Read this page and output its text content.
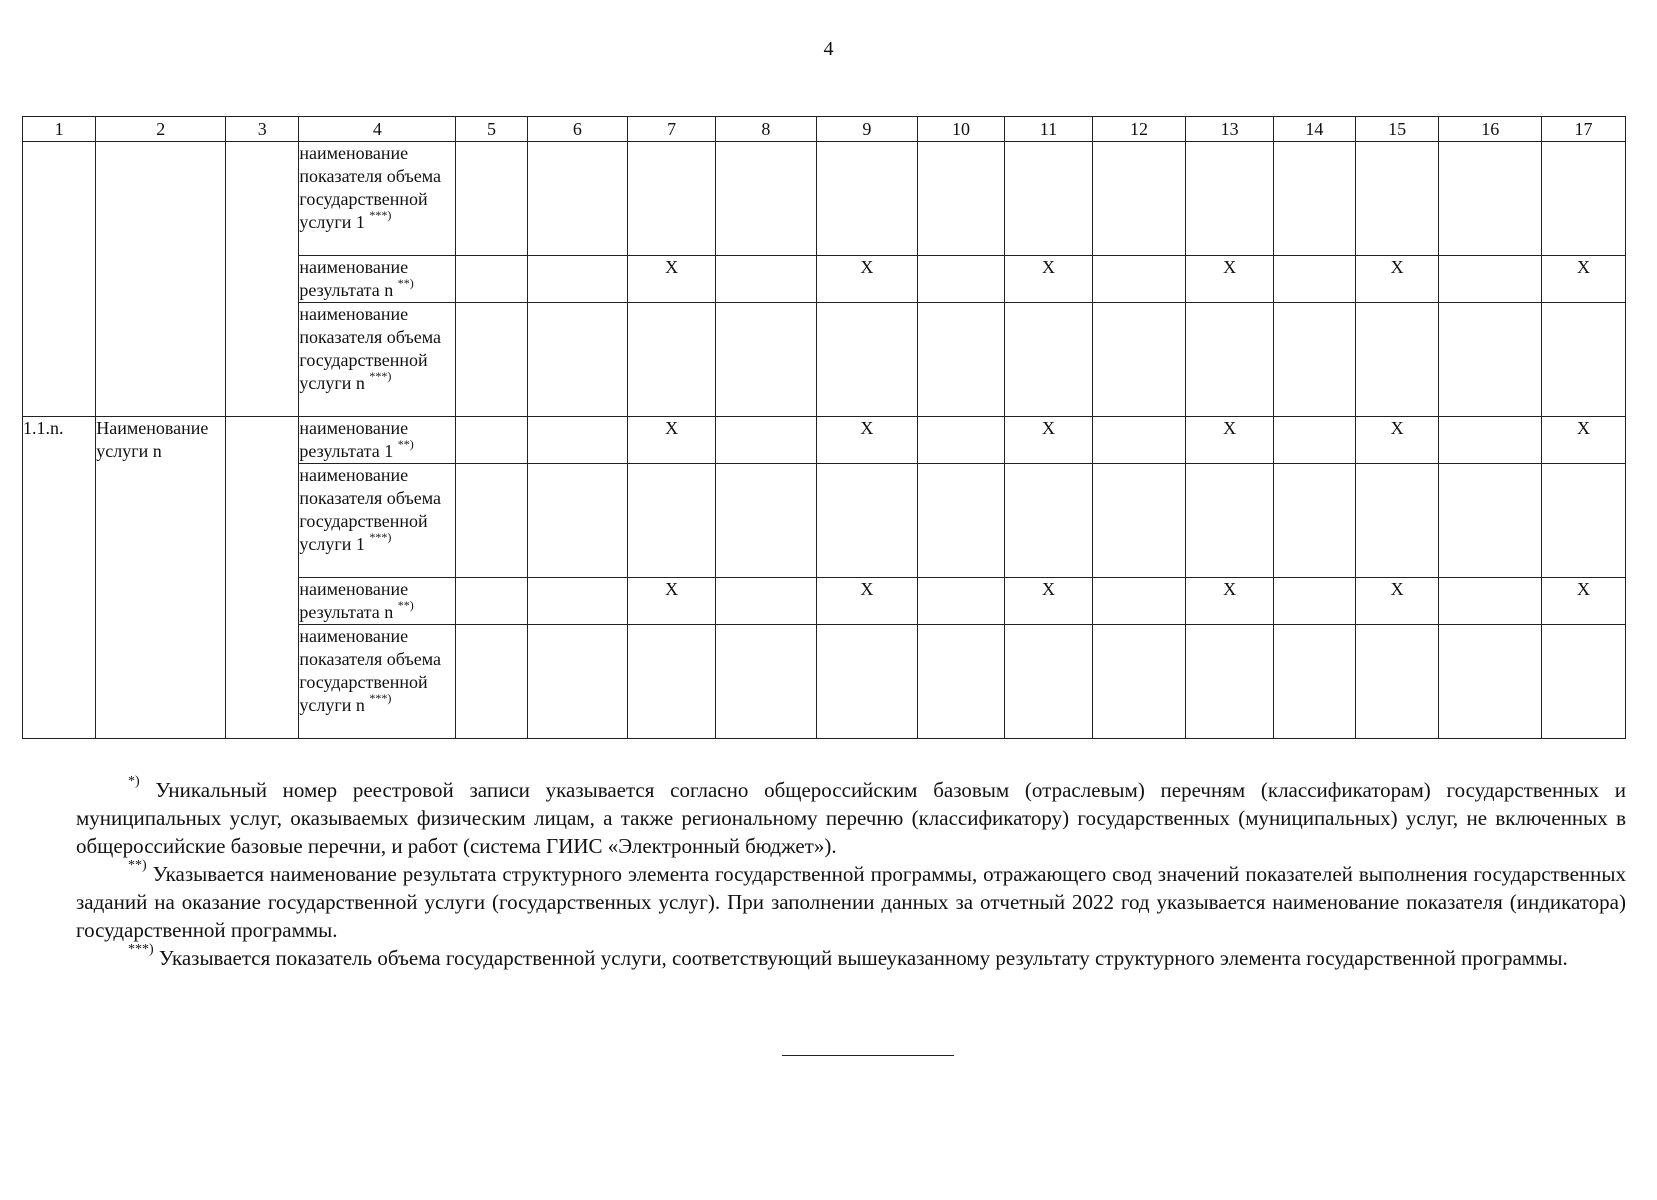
4
1	2	3	4	5	6	7	8	9	10	11	12	13	14	15	16	17
			наименование показателя объема государственной услуги 1 ***)													
			наименование результата n **)			X		X		X		X		X		X
			наименование показателя объема государственной услуги n ***)													
1.1.n.	Наименование услуги n		наименование результата 1 **)			X		X		X		X		X		X
			наименование показателя объема государственной услуги 1 ***)													
			наименование результата n **)			X		X		X		X		X		X
			наименование показателя объема государственной услуги n ***)													

*) Уникальный номер реестровой записи указывается согласно общероссийским базовым (отраслевым) перечням (классификаторам) государственных и муниципальных услуг, оказываемых физическим лицам, а также региональному перечню (классификатору) государственных (муниципальных) услуг, не включенных в общероссийские базовые перечни, и работ (система ГИИС «Электронный бюджет»).

**) Указывается наименование результата структурного элемента государственной программы, отражающего свод значений показателей выполнения государственных заданий на оказание государственной услуги (государственных услуг). При заполнении данных за отчетный 2022 год указывается наименование показателя (индикатора) государственной программы.

***) Указывается показатель объема государственной услуги, соответствующий вышеуказанному результату структурного элемента государственной программы.
